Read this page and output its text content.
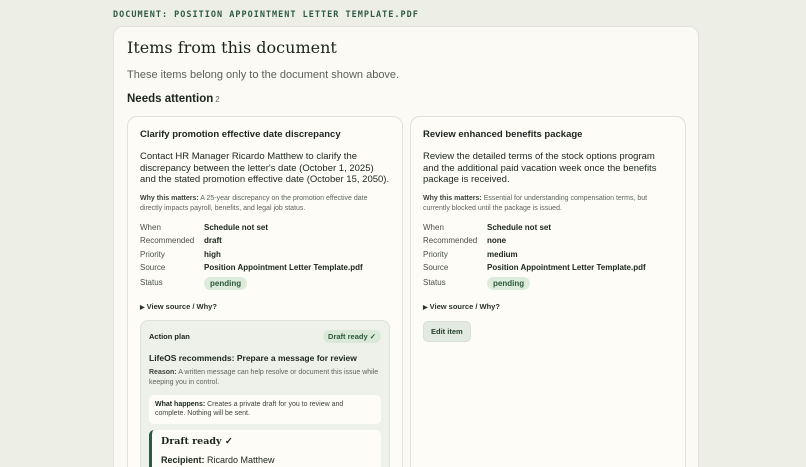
DOCUMENT: POSITION APPOINTMENT LETTER TEMPLATE.PDF
Items from this document
These items belong only to the document shown above.
Needs attention 2
Clarify promotion effective date discrepancy
Contact HR Manager Ricardo Matthew to clarify the discrepancy between the letter's date (October 1, 2025) and the stated promotion effective date (October 15, 2050).
Why this matters: A 25-year discrepancy on the promotion effective date directly impacts payroll, benefits, and legal job status.
When	Schedule not set
Recommended	draft
Priority	high
Source	Position Appointment Letter Template.pdf
Status	pending
▶ View source / Why?
Action plan	Draft ready ✓
LifeOS recommends: Prepare a message for review
Reason: A written message can help resolve or document this issue while keeping you in control.
What happens: Creates a private draft for you to review and complete. Nothing will be sent.
Draft ready ✓
Recipient: Ricardo Matthew
Review enhanced benefits package
Review the detailed terms of the stock options program and the additional paid vacation week once the benefits package is received.
Why this matters: Essential for understanding compensation terms, but currently blocked until the package is issued.
When	Schedule not set
Recommended	none
Priority	medium
Source	Position Appointment Letter Template.pdf
Status	pending
▶ View source / Why?
Edit item
